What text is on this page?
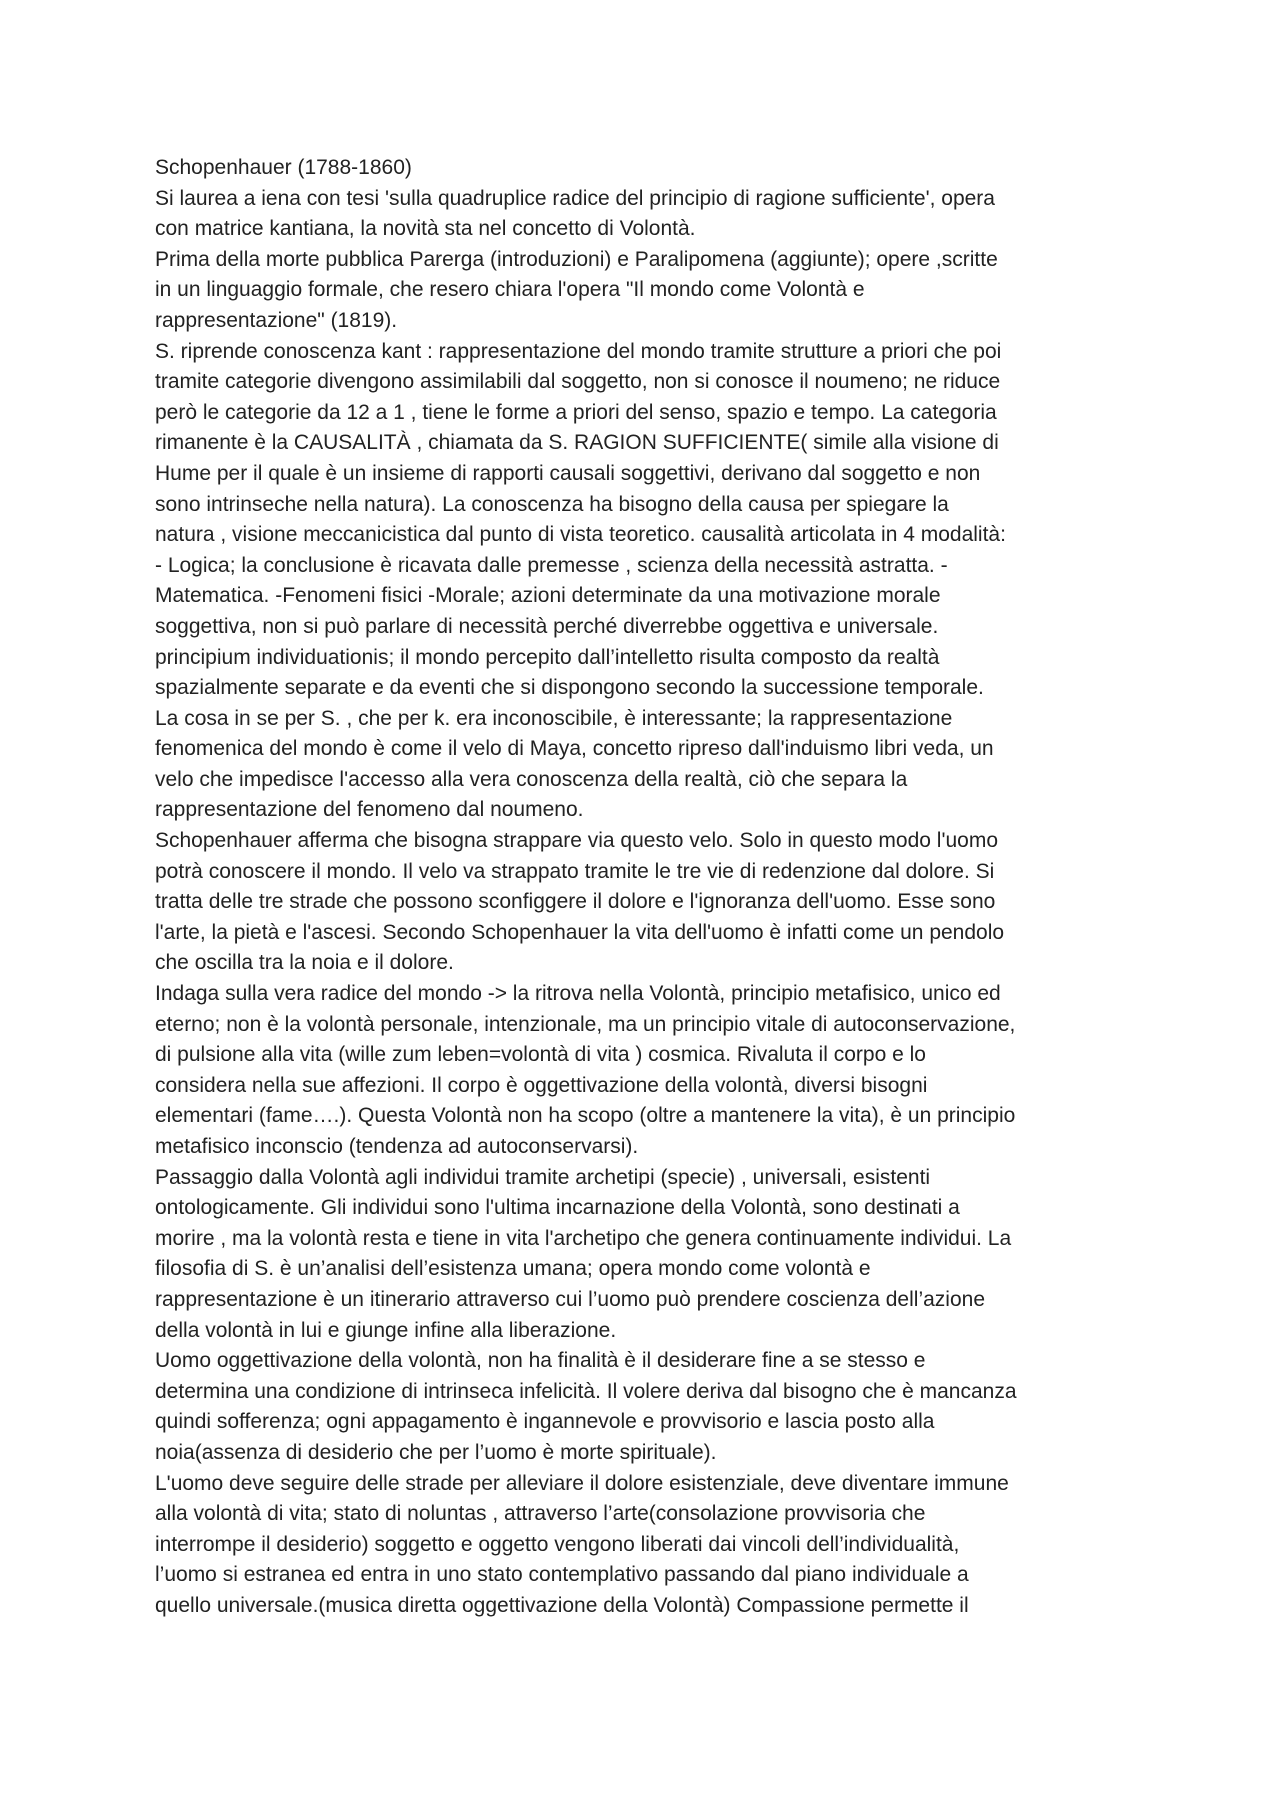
Schopenhauer (1788-1860)
Si laurea a iena con tesi 'sulla quadruplice radice del principio di ragione sufficiente', opera
con matrice kantiana, la novità sta nel concetto di Volontà.
Prima della morte pubblica Parerga (introduzioni) e Paralipomena (aggiunte); opere ,scritte
in un linguaggio formale, che resero chiara l'opera "Il mondo come Volontà e
rappresentazione" (1819).
S. riprende conoscenza kant : rappresentazione del mondo tramite strutture a priori che poi
tramite categorie divengono assimilabili dal soggetto, non si conosce il noumeno; ne riduce
però le categorie da 12 a 1 , tiene le forme a priori del senso, spazio e tempo. La categoria
rimanente è la CAUSALITÀ , chiamata da S. RAGION SUFFICIENTE( simile alla visione di
Hume per il quale è un insieme di rapporti causali soggettivi, derivano dal soggetto e non
sono intrinseche nella natura). La conoscenza ha bisogno della causa per spiegare la
natura , visione meccanicistica dal punto di vista teoretico. causalità articolata in 4 modalità:
- Logica; la conclusione è ricavata dalle premesse , scienza della necessità astratta. -
Matematica. -Fenomeni fisici -Morale; azioni determinate da una motivazione morale
soggettiva, non si può parlare di necessità perché diverrebbe oggettiva e universale.
principium individuationis; il mondo percepito dall’intelletto risulta composto da realtà
spazialmente separate e da eventi che si dispongono secondo la successione temporale.
La cosa in se per S. , che per k. era inconoscibile, è interessante; la rappresentazione
fenomenica del mondo è come il velo di Maya, concetto ripreso dall'induismo libri veda, un
velo che impedisce l'accesso alla vera conoscenza della realtà, ciò che separa la
rappresentazione del fenomeno dal noumeno.
Schopenhauer afferma che bisogna strappare via questo velo. Solo in questo modo l'uomo
potrà conoscere il mondo. Il velo va strappato tramite le tre vie di redenzione dal dolore. Si
tratta delle tre strade che possono sconfiggere il dolore e l'ignoranza dell'uomo. Esse sono
l'arte, la pietà e l'ascesi. Secondo Schopenhauer la vita dell'uomo è infatti come un pendolo
che oscilla tra la noia e il dolore.
Indaga sulla vera radice del mondo -> la ritrova nella Volontà, principio metafisico, unico ed
eterno; non è la volontà personale, intenzionale, ma un principio vitale di autoconservazione,
di pulsione alla vita (wille zum leben=volontà di vita ) cosmica. Rivaluta il corpo e lo
considera nella sue affezioni. Il corpo è oggettivazione della volontà, diversi bisogni
elementari (fame….). Questa Volontà non ha scopo (oltre a mantenere la vita), è un principio
metafisico inconscio (tendenza ad autoconservarsi).
Passaggio dalla Volontà agli individui tramite archetipi (specie) , universali, esistenti
ontologicamente. Gli individui sono l'ultima incarnazione della Volontà, sono destinati a
morire , ma la volontà resta e tiene in vita l'archetipo che genera continuamente individui. La
filosofia di S. è un’analisi dell’esistenza umana; opera mondo come volontà e
rappresentazione è un itinerario attraverso cui l’uomo può prendere coscienza dell’azione
della volontà in lui e giunge infine alla liberazione.
Uomo oggettivazione della volontà, non ha finalità è il desiderare fine a se stesso e
determina una condizione di intrinseca infelicità. Il volere deriva dal bisogno che è mancanza
quindi sofferenza; ogni appagamento è ingannevole e provvisorio e lascia posto alla
noia(assenza di desiderio che per l’uomo è morte spirituale).
L'uomo deve seguire delle strade per alleviare il dolore esistenziale, deve diventare immune
alla volontà di vita; stato di noluntas , attraverso l’arte(consolazione provvisoria che
interrompe il desiderio) soggetto e oggetto vengono liberati dai vincoli dell’individualità,
l’uomo si estranea ed entra in uno stato contemplativo passando dal piano individuale a
quello universale.(musica diretta oggettivazione della Volontà) Compassione permette il
